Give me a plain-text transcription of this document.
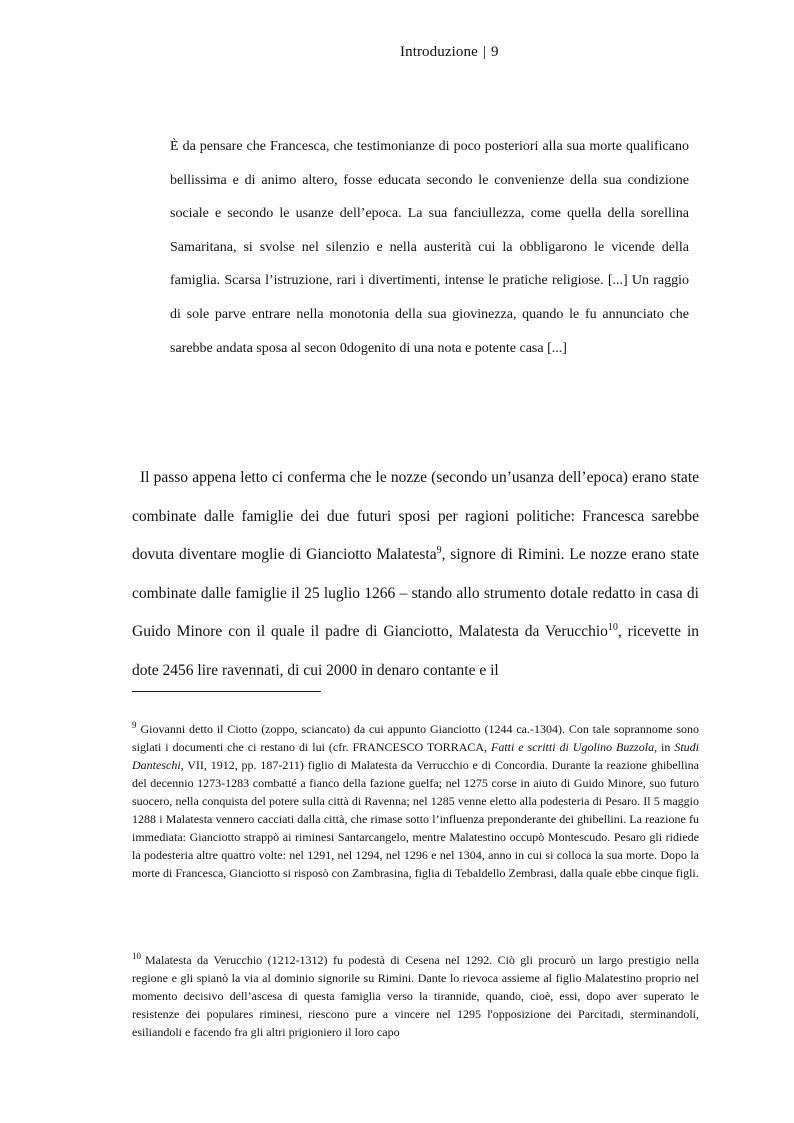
Introduzione | 9

È da pensare che Francesca, che testimonianze di poco posteriori alla sua morte qualificano bellissima e di animo altero, fosse educata secondo le convenienze della sua condizione sociale e secondo le usanze dell’epoca. La sua fanciullezza, come quella della sorellina Samaritana, si svolse nel silenzio e nella austerità cui la obbligarono le vicende della famiglia. Scarsa l’istruzione, rari i divertimenti, intense le pratiche religiose. [...] Un raggio di sole parve entrare nella monotonia della sua giovinezza, quando le fu annunciato che sarebbe andata sposa al secon 0dogenito di una nota e potente casa [...]

Il passo appena letto ci conferma che le nozze (secondo un’usanza dell’epoca) erano state combinate dalle famiglie dei due futuri sposi per ragioni politiche: Francesca sarebbe dovuta diventare moglie di Gianciotto Malatesta$^9$, signore di Rimini. Le nozze erano state combinate dalle famiglie il 25 luglio 1266 – stando allo strumento dotale redatto in casa di Guido Minore con il quale il padre di Gianciotto, Malatesta da Verucchio$^{10}$, ricevette in dote 2456 lire ravennati, di cui 2000 in denaro contante e il

$^9$ Giovanni detto il Ciotto (zoppo, sciancato) da cui appunto Gianciotto (1244 ca.-1304). Con tale soprannome sono siglati i documenti che ci restano di lui (cfr. FRANCESCO TORRACA, Fatti e scritti di Ugolino Buzzola, in Studi Danteschi, VII, 1912, pp. 187-211) figlio di Malatesta da Verrucchio e di Concordia. Durante la reazione ghibellina del decennio 1273-1283 combatté a fianco della fazione guelfa; nel 1275 corse in aiuto di Guido Minore, suo futuro suocero, nella conquista del potere sulla città di Ravenna; nel 1285 venne eletto alla podesteria di Pesaro. Il 5 maggio 1288 i Malatesta vennero cacciati dalla città, che rimase sotto l’influenza preponderante dei ghibellini. La reazione fu immediata: Gianciotto strappò ai riminesi Santarcangelo, mentre Malatestino occupò Montescudo. Pesaro gli ridiede la podesteria altre quattro volte: nel 1291, nel 1294, nel 1296 e nel 1304, anno in cui si colloca la sua morte. Dopo la morte di Francesca, Gianciotto si risposò con Zambrasina, figlia di Tebaldello Zembrasi, dalla quale ebbe cinque figli.

$^{10}$ Malatesta da Verucchio (1212-1312) fu podestà di Cesena nel 1292. Ciò gli procurò un largo prestigio nella regione e gli spianò la via al dominio signorile su Rimini. Dante lo rievoca assieme al figlio Malatestino proprio nel momento decisivo dell’ascesa di questa famiglia verso la tirannide, quando, cioè, essi, dopo aver superato le resistenze dei populares riminesi, riescono pure a vincere nel 1295 l'opposizione dei Parcitadi, sterminandoli, esiliandoli e facendo fra gli altri prigioniero il loro capo
